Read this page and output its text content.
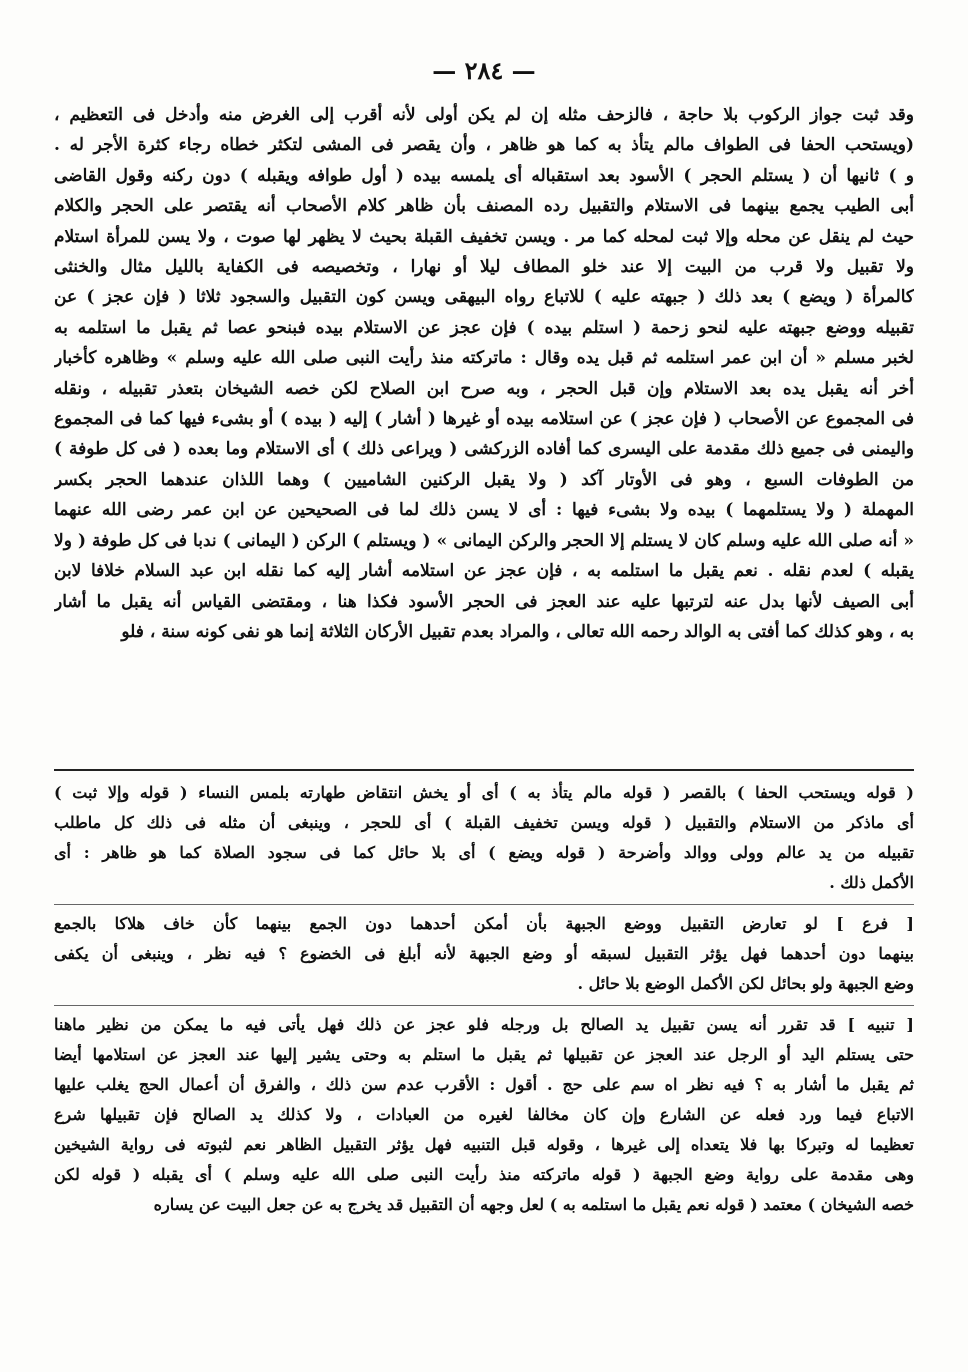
— ٢٨٤ —
وقد ثبت جواز الركوب بلا حاجة ، فالزحف مثله إن لم يكن أولى لأنه أقرب إلى الغرض منه وأدخل فى التعظيم ،
(ويستحب الحفا فى الطواف مالم يتأذ به كما هو ظاهر ، وأن يقصر فى المشى لتكثر خطاه رجاء كثرة الأجر له .
و ) ثانيها أن ( يستلم الحجر ) الأسود بعد استقباله أى يلمسه بيده ( أول طوافه ويقبله ) دون ركنه وقول القاضى
أبى الطيب يجمع بينهما فى الاستلام والتقبيل رده المصنف بأن ظاهر كلام الأصحاب أنه يقتصر على الحجر والكلام
حيث لم ينقل عن محله وإلا ثبت لمحله كما مر . ويسن تخفيف القبلة بحيث لا يظهر لها صوت ، ولا يسن للمرأة استلام
ولا تقبيل ولا قرب من البيت إلا عند خلو المطاف ليلا أو نهارا ، وتخصيصه فى الكفاية بالليل مثال والخنثى
كالمرأة ( ويضع ) بعد ذلك ( جبهته عليه ) للاتباع رواه البيهقى ويسن كون التقبيل والسجود ثلاثا ( فإن عجز ) عن
تقبيله ووضع جبهته عليه لنحو زحمة ( استلم بيده ) فإن عجز عن الاستلام بيده فبنحو عصا ثم يقبل ما استلمه به
لخبر مسلم « أن ابن عمر استلمه ثم قبل يده وقال : ماتركته منذ رأيت النبى صلى الله عليه وسلم » وظاهره كأخبار
أخر أنه يقبل يده بعد الاستلام وإن قبل الحجر ، وبه صرح ابن الصلاح لكن خصه الشيخان بتعذر تقبيله ، ونقله
فى المجموع عن الأصحاب ( فإن عجز ) عن استلامه بيده أو غيرها ( أشار ) إليه ( بيده ) أو بشىء فيها كما فى المجموع
واليمنى فى جميع ذلك مقدمة على اليسرى كما أفاده الزركشى ( ويراعى ذلك ) أى الاستلام وما بعده ( فى كل طوفة )
من الطوفات السبع ، وهو فى الأوتار آكد ( ولا يقبل الركنين الشاميين ) وهما اللذان عندهما الحجر بكسر
المهملة ( ولا يستلمهما ) بيده ولا بشىء فيها : أى لا يسن ذلك لما فى الصحيحين عن ابن عمر رضى الله عنهما
« أنه صلى الله عليه وسلم كان لا يستلم إلا الحجر والركن اليمانى » ( ويستلم ) الركن ( اليمانى ) ندبا فى كل طوفة ( ولا
يقبله ) لعدم نقله . نعم يقبل ما استلمه به ، فإن عجز عن استلامه أشار إليه كما نقله ابن عبد السلام خلافا لابن
أبى الصيف لأنها بدل عنه لترتبها عليه عند العجز فى الحجر الأسود فكذا هنا ، ومقتضى القياس أنه يقبل ما أشار
به ، وهو كذلك كما أفتى به الوالد رحمه الله تعالى ، والمراد بعدم تقبيل الأركان الثلاثة إنما هو نفى كونه سنة ، فلو
( قوله ويستحب الحفا ) بالقصر ( قوله مالم يتأذ به ) أى أو يخش انتقاض طهارته بلمس النساء ( قوله وإلا ثبت )
أى ماذكر من الاستلام والتقبيل ( قوله ويسن تخفيف القبلة ) أى للحجر ، وينبغى أن مثله فى ذلك كل ماطلب
تقبيله من يد عالم وولى ووالد وأضرحة ( قوله ويضع ) أى بلا حائل كما فى سجود الصلاة كما هو ظاهر : أى
الأكمل ذلك .
[ فرع ] لو تعارض التقبيل ووضع الجبهة بأن أمكن أحدهما دون الجمع بينهما كأن خاف هلاكا بالجمع
بينهما دون أحدهما فهل يؤثر التقبيل لسبقه أو وضع الجبهة لأنه أبلغ فى الخضوع ؟ فيه نظر ، وينبغى أن يكفى
وضع الجبهة ولو بحائل لكن الأكمل الوضع بلا حائل .
[ تنبيه ] قد تقرر أنه يسن تقبيل يد الصالح بل ورجله فلو عجز عن ذلك فهل يأتى فيه ما يمكن من نظير ماهنا
حتى يستلم اليد أو الرجل عند العجز عن تقبيلها ثم يقبل ما استلم به وحتى يشير إليها عند العجز عن استلامها أيضا
ثم يقبل ما أشار به ؟ فيه نظر اه سم على حج . أقول : الأقرب عدم سن ذلك ، والفرق أن أعمال الحج يغلب عليها
الاتباع فيما ورد فعله عن الشارع وإن كان مخالفا لغيره من العبادات ، ولا كذلك يد الصالح فإن تقبيلها شرع
تعظيما له وتبركا بها فلا يتعداه إلى غيرها ، وقوله قبل التنبيه فهل يؤثر التقبيل الظاهر نعم لثبوته فى رواية الشيخين
وهى مقدمة على رواية وضع الجبهة ( قوله ماتركته منذ رأيت النبى صلى الله عليه وسلم ) أى يقبله ( قوله لكن
خصه الشيخان ) معتمد ( قوله نعم يقبل ما استلمه به ) لعل وجهه أن التقبيل قد يخرج به عن جعل البيت عن يساره
